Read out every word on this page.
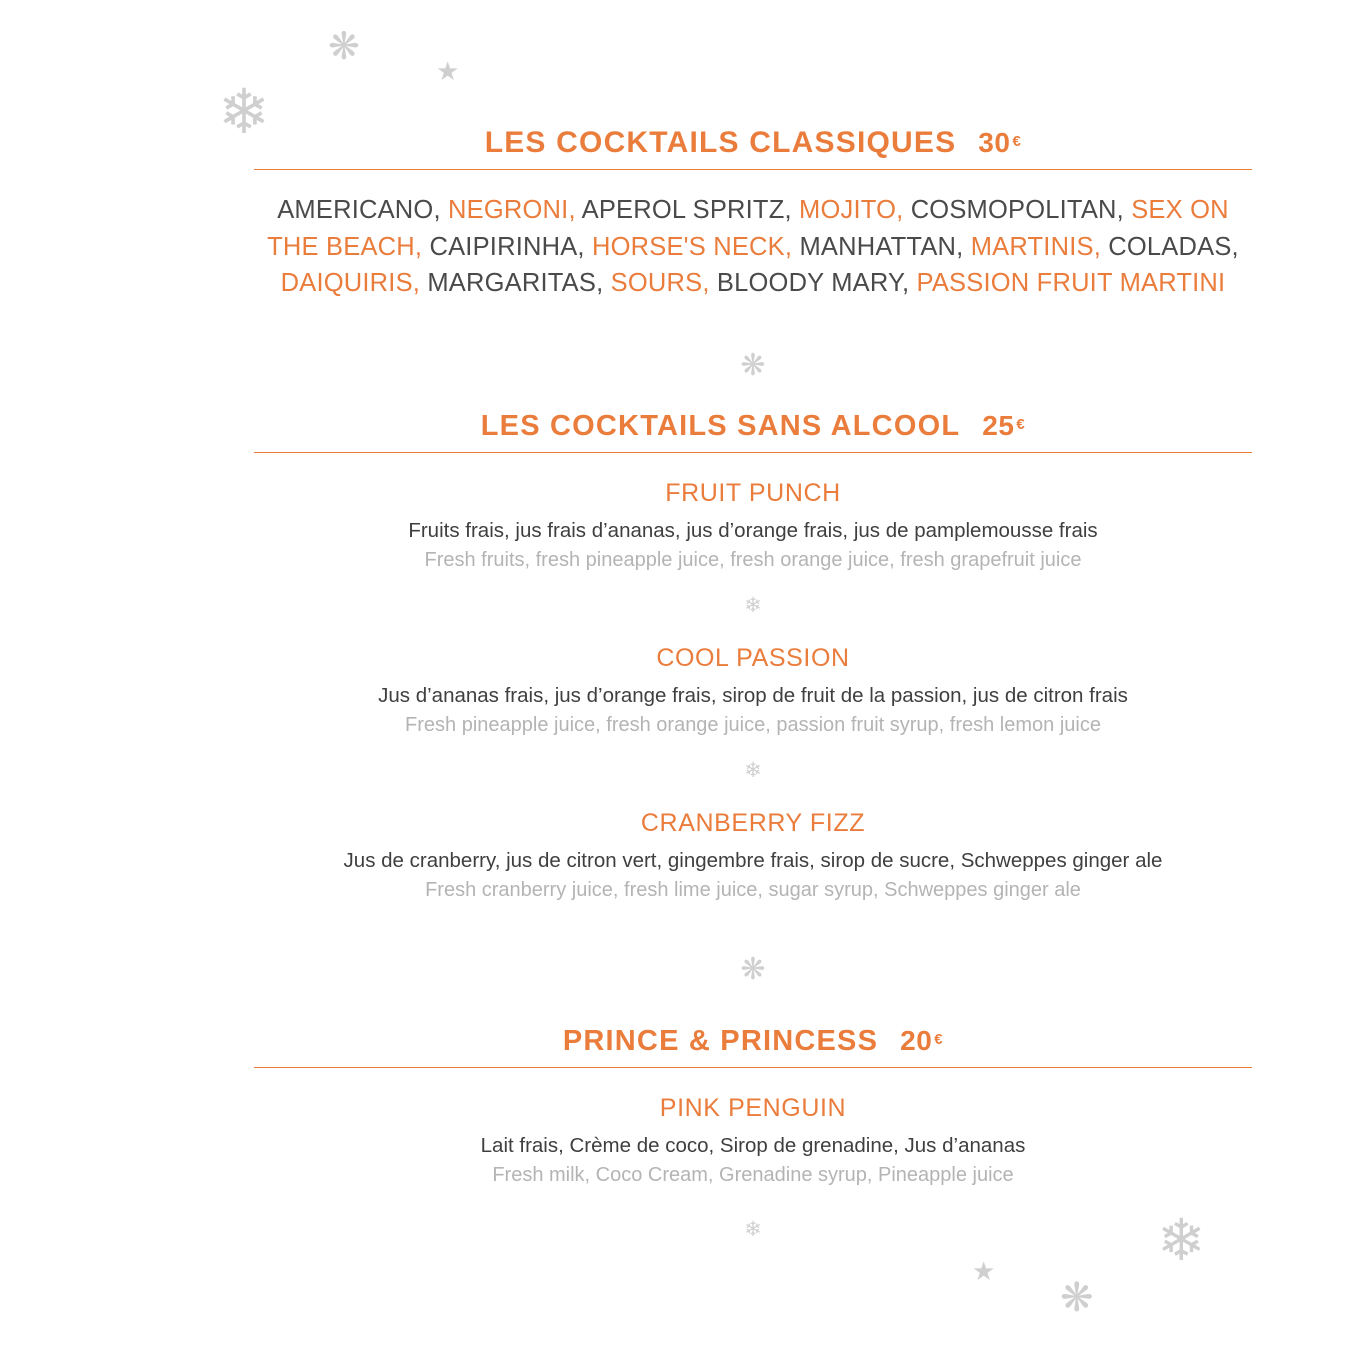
❋
❄
★
❄
★
❋
LES COCKTAILS CLASSIQUES 30 €
AMERICANO, NEGRONI, APEROL SPRITZ, MOJITO, COSMOPOLITAN, SEX ON
THE BEACH, CAIPIRINHA, HORSE'S NECK, MANHATTAN, MARTINIS, COLADAS,
DAIQUIRIS, MARGARITAS, SOURS, BLOODY MARY, PASSION FRUIT MARTINI
❋
LES COCKTAILS SANS ALCOOL 25 €
FRUIT PUNCH
Fruits frais, jus frais d’ananas, jus d’orange frais, jus de pamplemousse frais
Fresh fruits, fresh pineapple juice, fresh orange juice, fresh grapefruit juice
❄
COOL PASSION
Jus d’ananas frais, jus d’orange frais, sirop de fruit de la passion, jus de citron frais
Fresh pineapple juice, fresh orange juice, passion fruit syrup, fresh lemon juice
❄
CRANBERRY FIZZ
Jus de cranberry, jus de citron vert, gingembre frais, sirop de sucre, Schweppes ginger ale
Fresh cranberry juice, fresh lime juice, sugar syrup, Schweppes ginger ale
❋
PRINCE & PRINCESS 20 €
PINK PENGUIN
Lait frais, Crème de coco, Sirop de grenadine, Jus d’ananas
Fresh milk, Coco Cream, Grenadine syrup, Pineapple juice
❄
